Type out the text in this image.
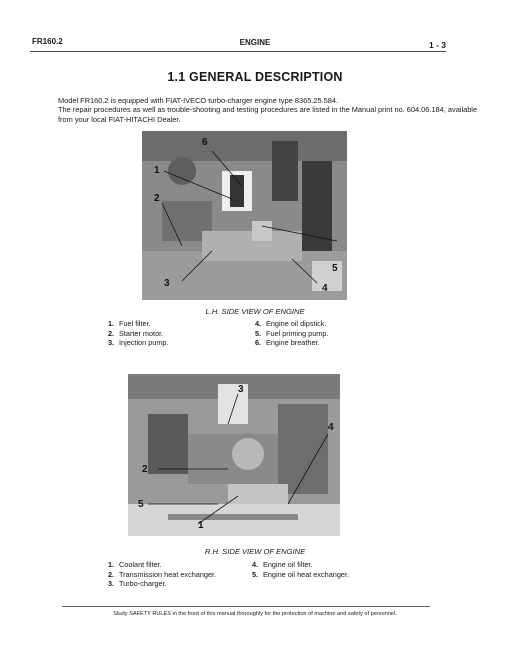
FR160.2	ENGINE	1 - 3
1.1 GENERAL DESCRIPTION

Model FR160.2 is equipped with FIAT-IVECO turbo-charger engine type 8365.25.584.

The repair procedures as well as trouble-shooting and testing procedures are listed in the Manual print no. 604.06.184, available from your local FIAT-HITACHI Dealer.

6
1
2
3	4
5
L.H. SIDE VIEW OF ENGINE
1. Fuel filter.
2. Starter motor.
3. Injection pump.
4. Engine oil dipstick.
5. Fuel priming pump.
6. Engine breather.
3
1
2
4
5
R.H. SIDE VIEW OF ENGINE
1. Coolant filter.
2. Transmission heat exchanger.
3. Turbo-charger.
4. Engine oil filter.
5. Engine oil heat exchanger.
Study SAFETY RULES in the front of this manual thoroughly for the protection of machine and safety of personnel.
